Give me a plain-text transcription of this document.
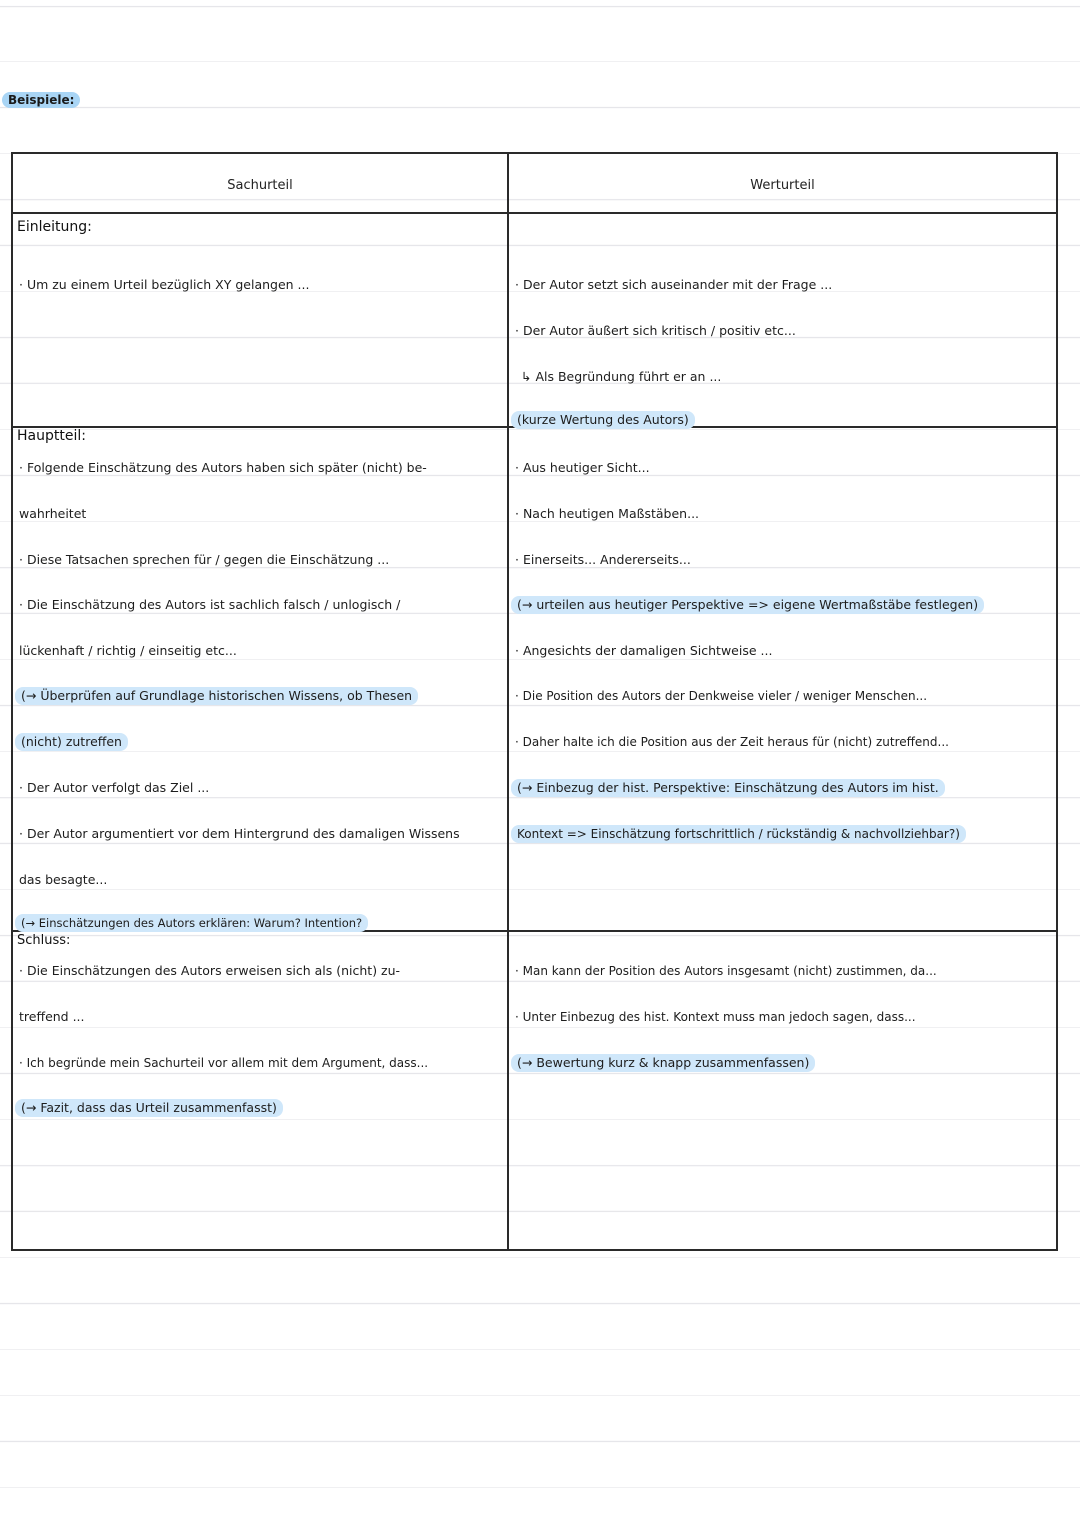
Beispiele:
Sachurteil	Werturteil
Einleitung:
· Um zu einem Urteil bezüglich XY gelangen ...	· Der Autor setzt sich auseinander mit der Frage ...
· Der Autor äußert sich kritisch / positiv etc...
↳ Als Begründung führt er an ...
(kurze Wertung des Autors)
Hauptteil:
· Folgende Einschätzung des Autors haben sich später (nicht) be-
wahrheitet
· Diese Tatsachen sprechen für / gegen die Einschätzung ...
· Die Einschätzung des Autors ist sachlich falsch / unlogisch /
lückenhaft / richtig / einseitig etc...
(→ Überprüfen auf Grundlage historischen Wissens, ob Thesen
(nicht) zutreffen
· Der Autor verfolgt das Ziel ...
· Der Autor argumentiert vor dem Hintergrund des damaligen Wissens
das besagte...
(→ Einschätzungen des Autors erklären: Warum? Intention?
· Aus heutiger Sicht...
· Nach heutigen Maßstäben...
· Einerseits... Andererseits...
(→ urteilen aus heutiger Perspektive => eigene Wertmaßstäbe festlegen)
· Angesichts der damaligen Sichtweise ...
· Die Position des Autors der Denkweise vieler / weniger Menschen...
· Daher halte ich die Position aus der Zeit heraus für (nicht) zutreffend...
(→ Einbezug der hist. Perspektive: Einschätzung des Autors im hist.
Kontext => Einschätzung fortschrittlich / rückständig & nachvollziehbar?)
Schluss:
· Die Einschätzungen des Autors erweisen sich als (nicht) zu-
treffend ...
· Ich begründe mein Sachurteil vor allem mit dem Argument, dass...
(→ Fazit, dass das Urteil zusammenfasst)
· Man kann der Position des Autors insgesamt (nicht) zustimmen, da...
· Unter Einbezug des hist. Kontext muss man jedoch sagen, dass...
(→ Bewertung kurz & knapp zusammenfassen)
